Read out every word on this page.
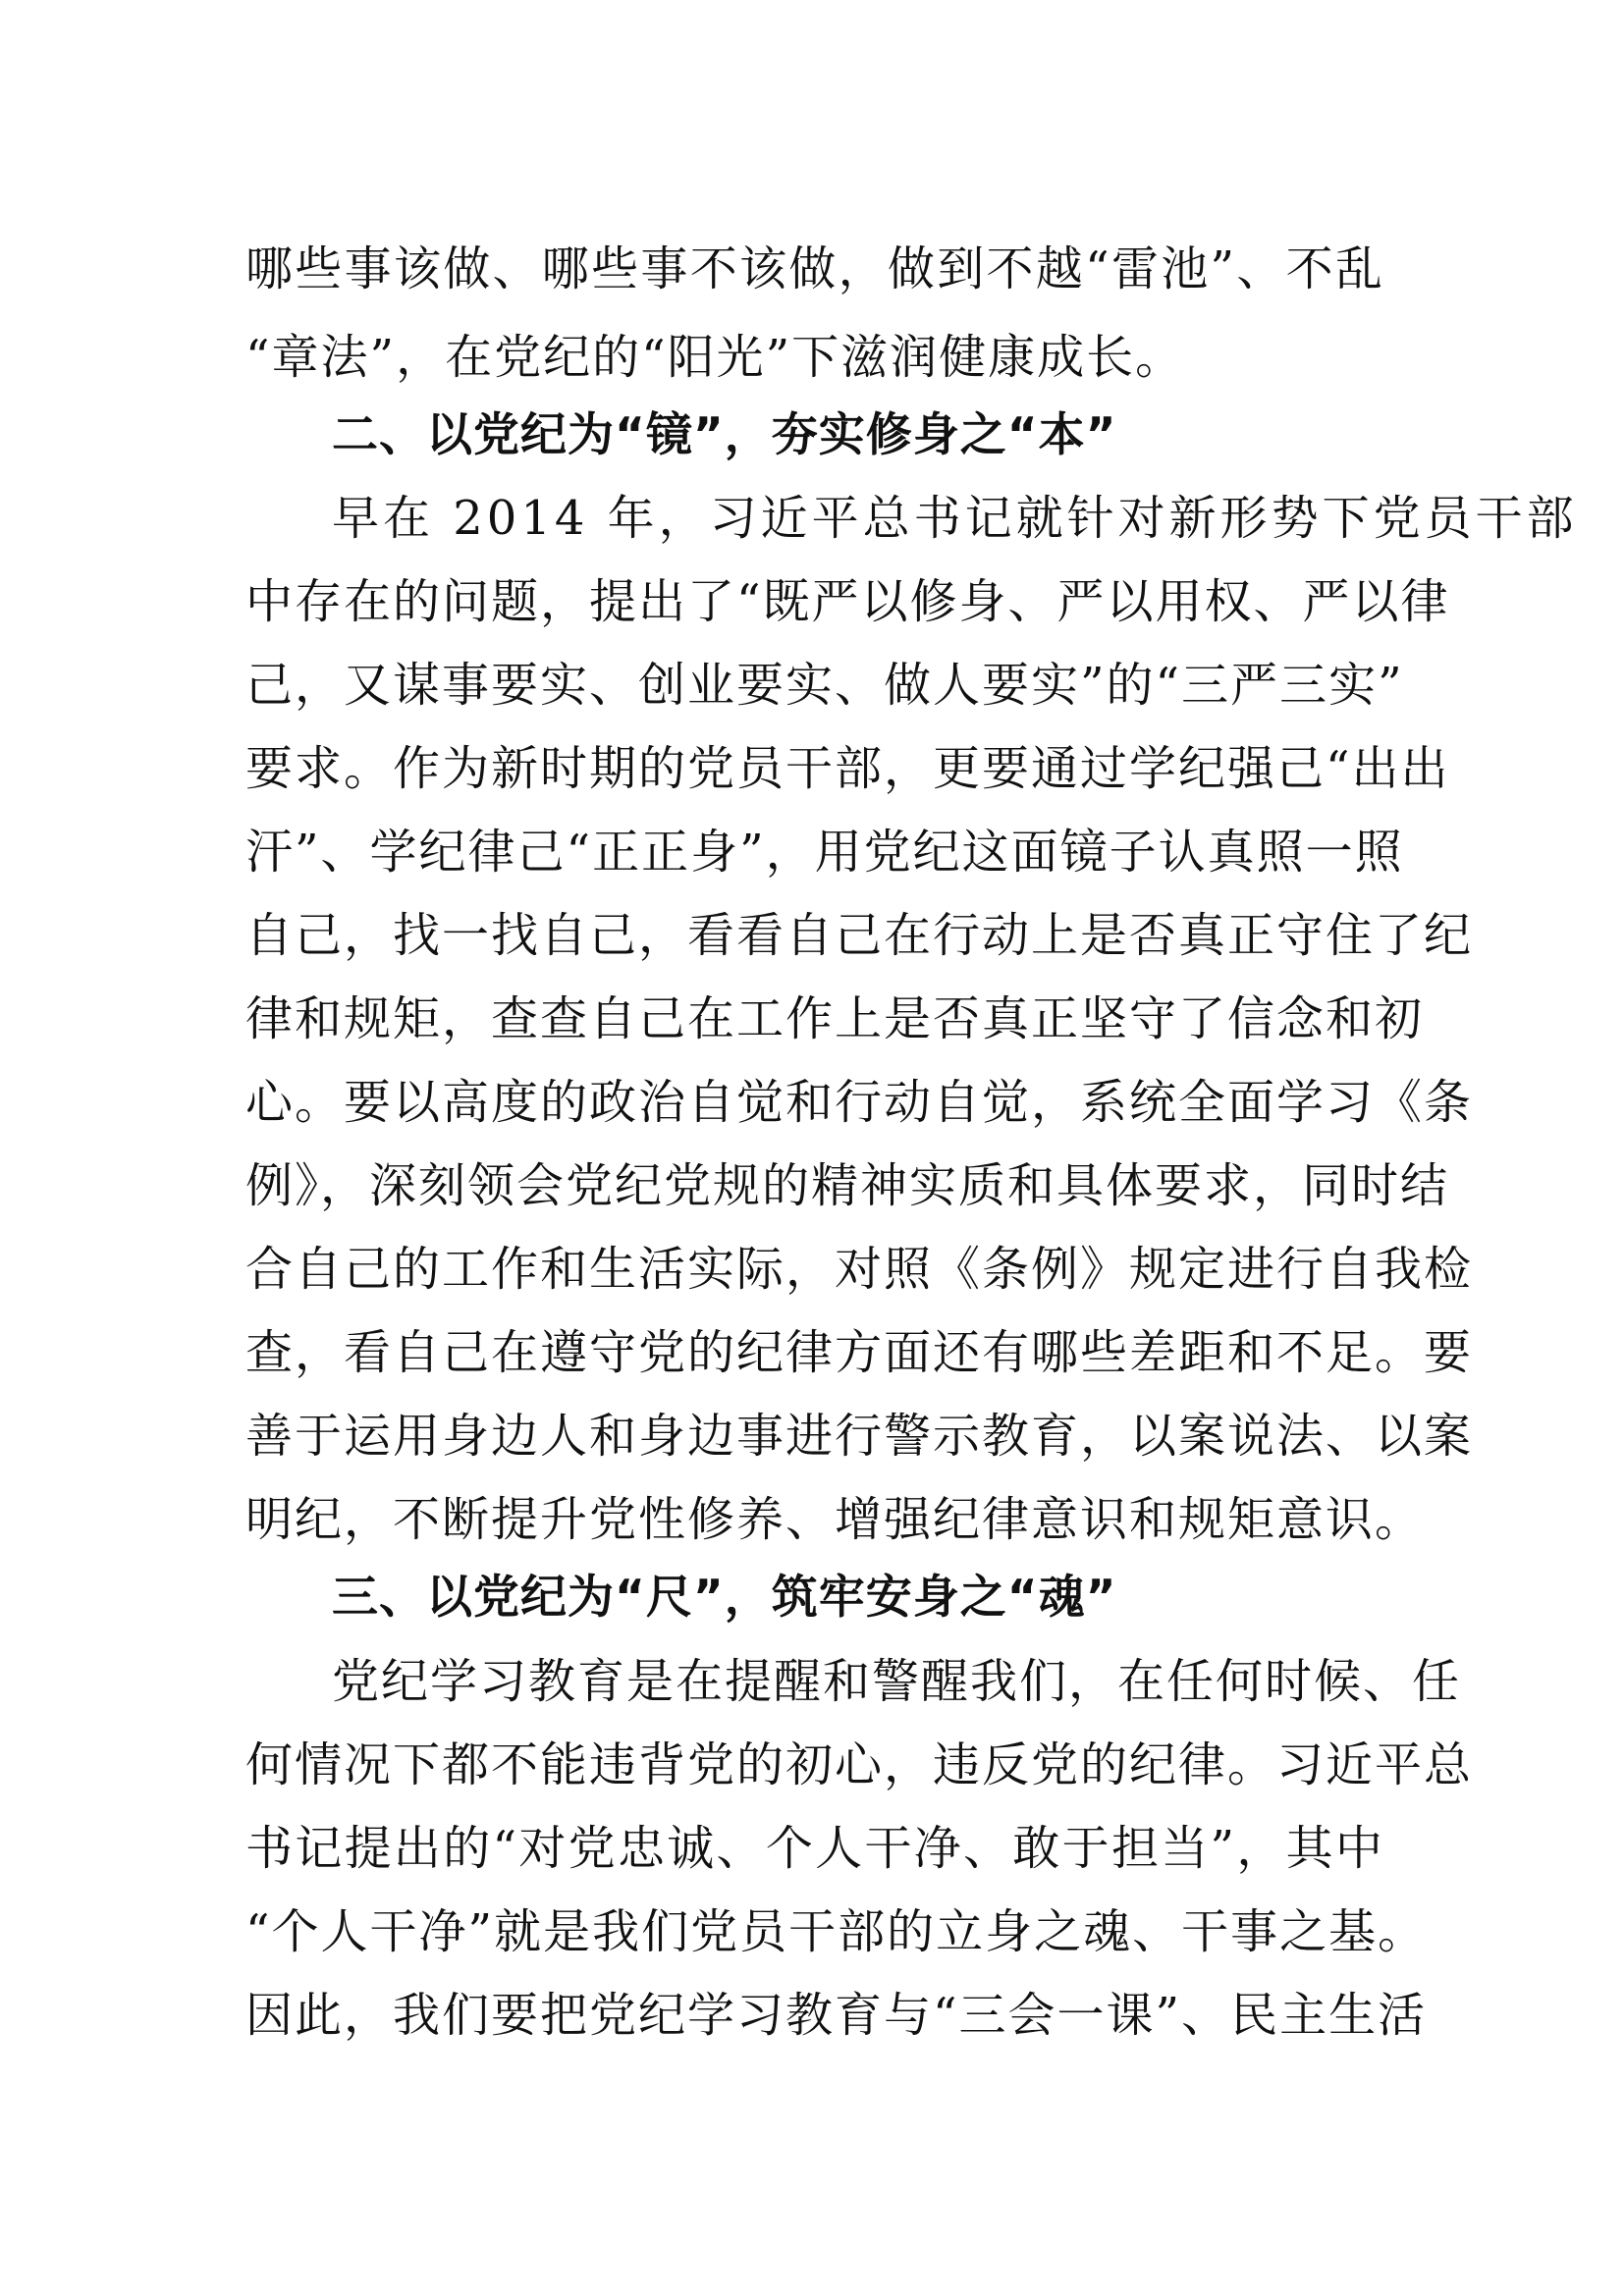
哪些事该做、哪些事不该做，做到不越“雷池”、不乱
“章法”，在党纪的“阳光”下滋润健康成长。
二、以党纪为“镜”，夯实修身之“本”
早在 2014 年，习近平总书记就针对新形势下党员干部
中存在的问题，提出了“既严以修身、严以用权、严以律
己，又谋事要实、创业要实、做人要实”的“三严三实”
要求。作为新时期的党员干部，更要通过学纪强己“出出
汗”、学纪律己“正正身”，用党纪这面镜子认真照一照
自己，找一找自己，看看自己在行动上是否真正守住了纪
律和规矩，查查自己在工作上是否真正坚守了信念和初
心。要以高度的政治自觉和行动自觉，系统全面学习《条
例》，深刻领会党纪党规的精神实质和具体要求，同时结
合自己的工作和生活实际，对照《条例》规定进行自我检
查，看自己在遵守党的纪律方面还有哪些差距和不足。要
善于运用身边人和身边事进行警示教育，以案说法、以案
明纪，不断提升党性修养、增强纪律意识和规矩意识。
三、以党纪为“尺”，筑牢安身之“魂”
党纪学习教育是在提醒和警醒我们，在任何时候、任
何情况下都不能违背党的初心，违反党的纪律。习近平总
书记提出的“对党忠诚、个人干净、敢于担当”，其中
“个人干净”就是我们党员干部的立身之魂、干事之基。
因此，我们要把党纪学习教育与“三会一课”、民主生活
